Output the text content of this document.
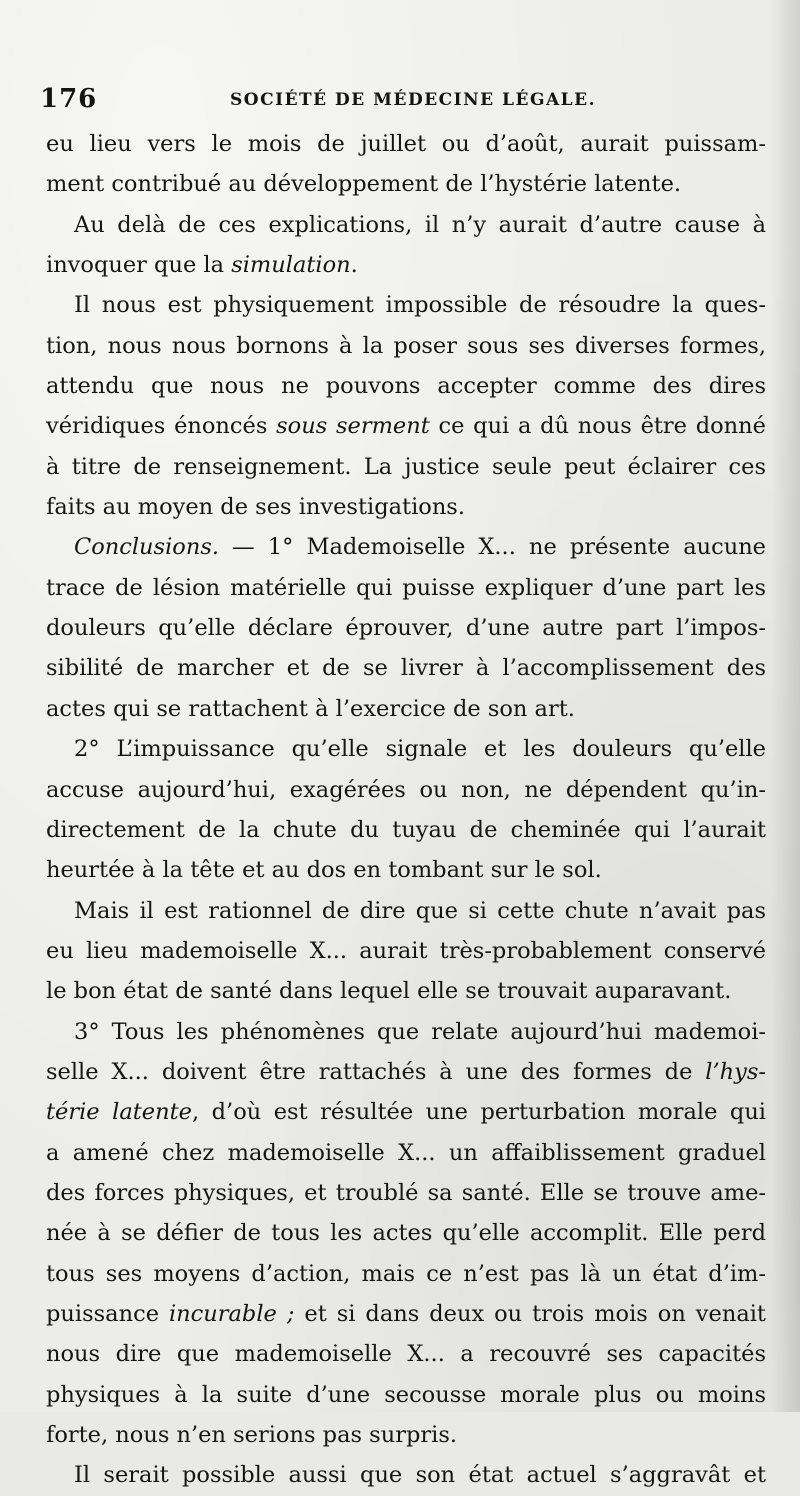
176	SOCIÉTÉ DE MÉDECINE LÉGALE.
eu lieu vers le mois de juillet ou d’août, aurait puissam-
ment contribué au développement de l’hystérie latente.
Au delà de ces explications, il n’y aurait d’autre cause à
invoquer que la simulation.
Il nous est physiquement impossible de résoudre la ques-
tion, nous nous bornons à la poser sous ses diverses formes,
attendu que nous ne pouvons accepter comme des dires
véridiques énoncés sous serment ce qui a dû nous être donné
à titre de renseignement. La justice seule peut éclairer ces
faits au moyen de ses investigations.
Conclusions. — 1° Mademoiselle X... ne présente aucune
trace de lésion matérielle qui puisse expliquer d’une part les
douleurs qu’elle déclare éprouver, d’une autre part l’impos-
sibilité de marcher et de se livrer à l’accomplissement des
actes qui se rattachent à l’exercice de son art.
2° L’impuissance qu’elle signale et les douleurs qu’elle
accuse aujourd’hui, exagérées ou non, ne dépendent qu’in-
directement de la chute du tuyau de cheminée qui l’aurait
heurtée à la tête et au dos en tombant sur le sol.
Mais il est rationnel de dire que si cette chute n’avait pas
eu lieu mademoiselle X... aurait très-probablement conservé
le bon état de santé dans lequel elle se trouvait auparavant.
3° Tous les phénomènes que relate aujourd’hui mademoi-
selle X... doivent être rattachés à une des formes de l’hys-
térie latente, d’où est résultée une perturbation morale qui
a amené chez mademoiselle X... un affaiblissement graduel
des forces physiques, et troublé sa santé. Elle se trouve ame-
née à se défier de tous les actes qu’elle accomplit. Elle perd
tous ses moyens d’action, mais ce n’est pas là un état d’im-
puissance incurable ; et si dans deux ou trois mois on venait
nous dire que mademoiselle X... a recouvré ses capacités
physiques à la suite d’une secousse morale plus ou moins
forte, nous n’en serions pas surpris.
Il serait possible aussi que son état actuel s’aggravât et
